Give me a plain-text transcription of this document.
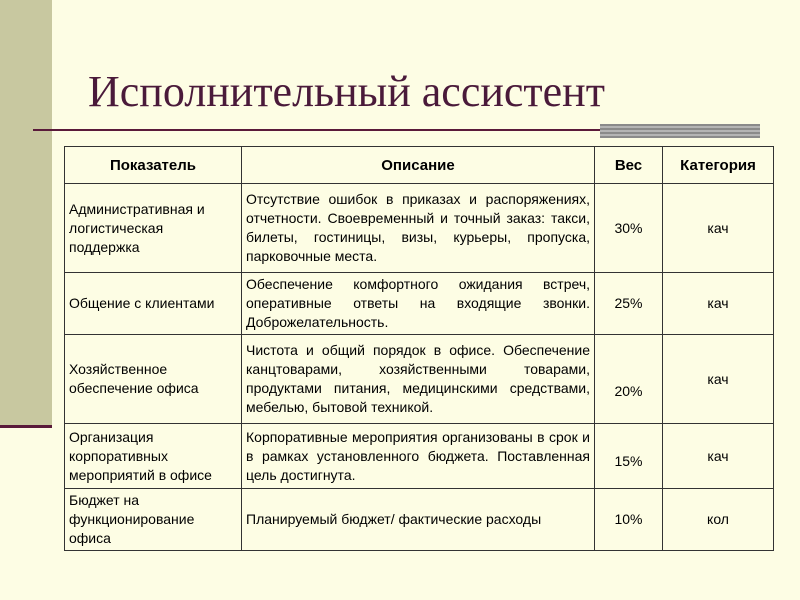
Исполнительный ассистент
Показатель	Описание	Вес	Категория
Административная и логистическая поддержка	Отсутствие ошибок в приказах и распоряжениях, отчетности. Своевременный и точный заказ: такси, билеты, гостиницы, визы, курьеры, пропуска, парковочные места.	30%	кач
Общение с клиентами	Обеспечение комфортного ожидания встреч, оперативные ответы на входящие звонки. Доброжелательность.	25%	кач
Хозяйственное обеспечение офиса	Чистота и общий порядок в офисе. Обеспечение канцтоварами, хозяйственными товарами, продуктами питания, медицинскими средствами, мебелью, бытовой техникой.	20%	кач
Организация корпоративных мероприятий в офисе	Корпоративные мероприятия организованы в срок и в рамках установленного бюджета. Поставленная цель достигнута.	15%	кач
Бюджет на функционирование офиса	Планируемый бюджет/ фактические расходы	10%	кол
